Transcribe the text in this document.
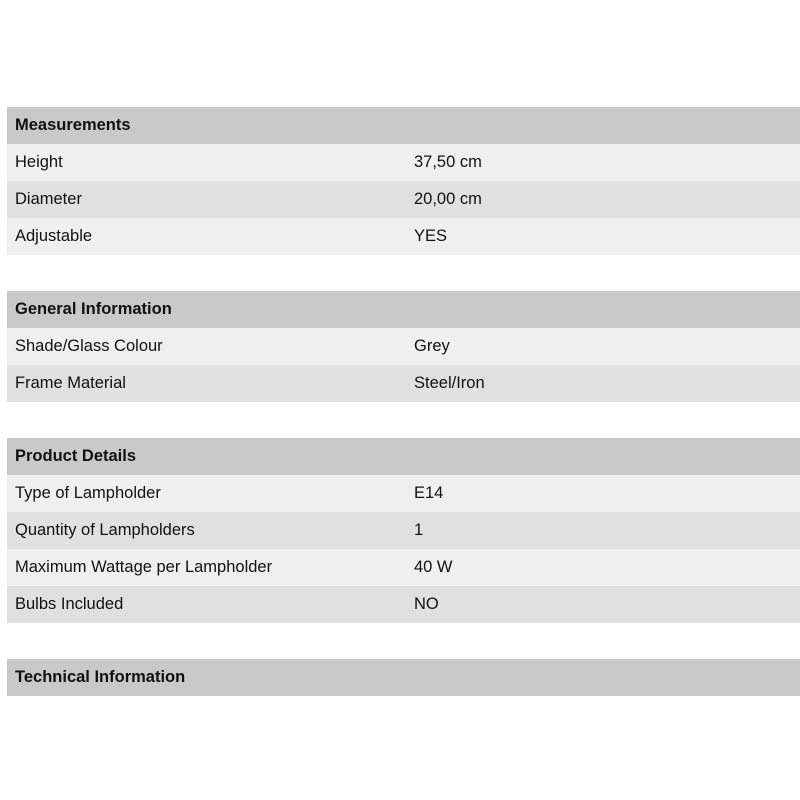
Measurements
Height	37,50 cm
Diameter	20,00 cm
Adjustable	YES
General Information
Shade/Glass Colour	Grey
Frame Material	Steel/Iron
Product Details
Type of Lampholder	E14
Quantity of Lampholders	1
Maximum Wattage per Lampholder	40 W
Bulbs Included	NO
Technical Information
